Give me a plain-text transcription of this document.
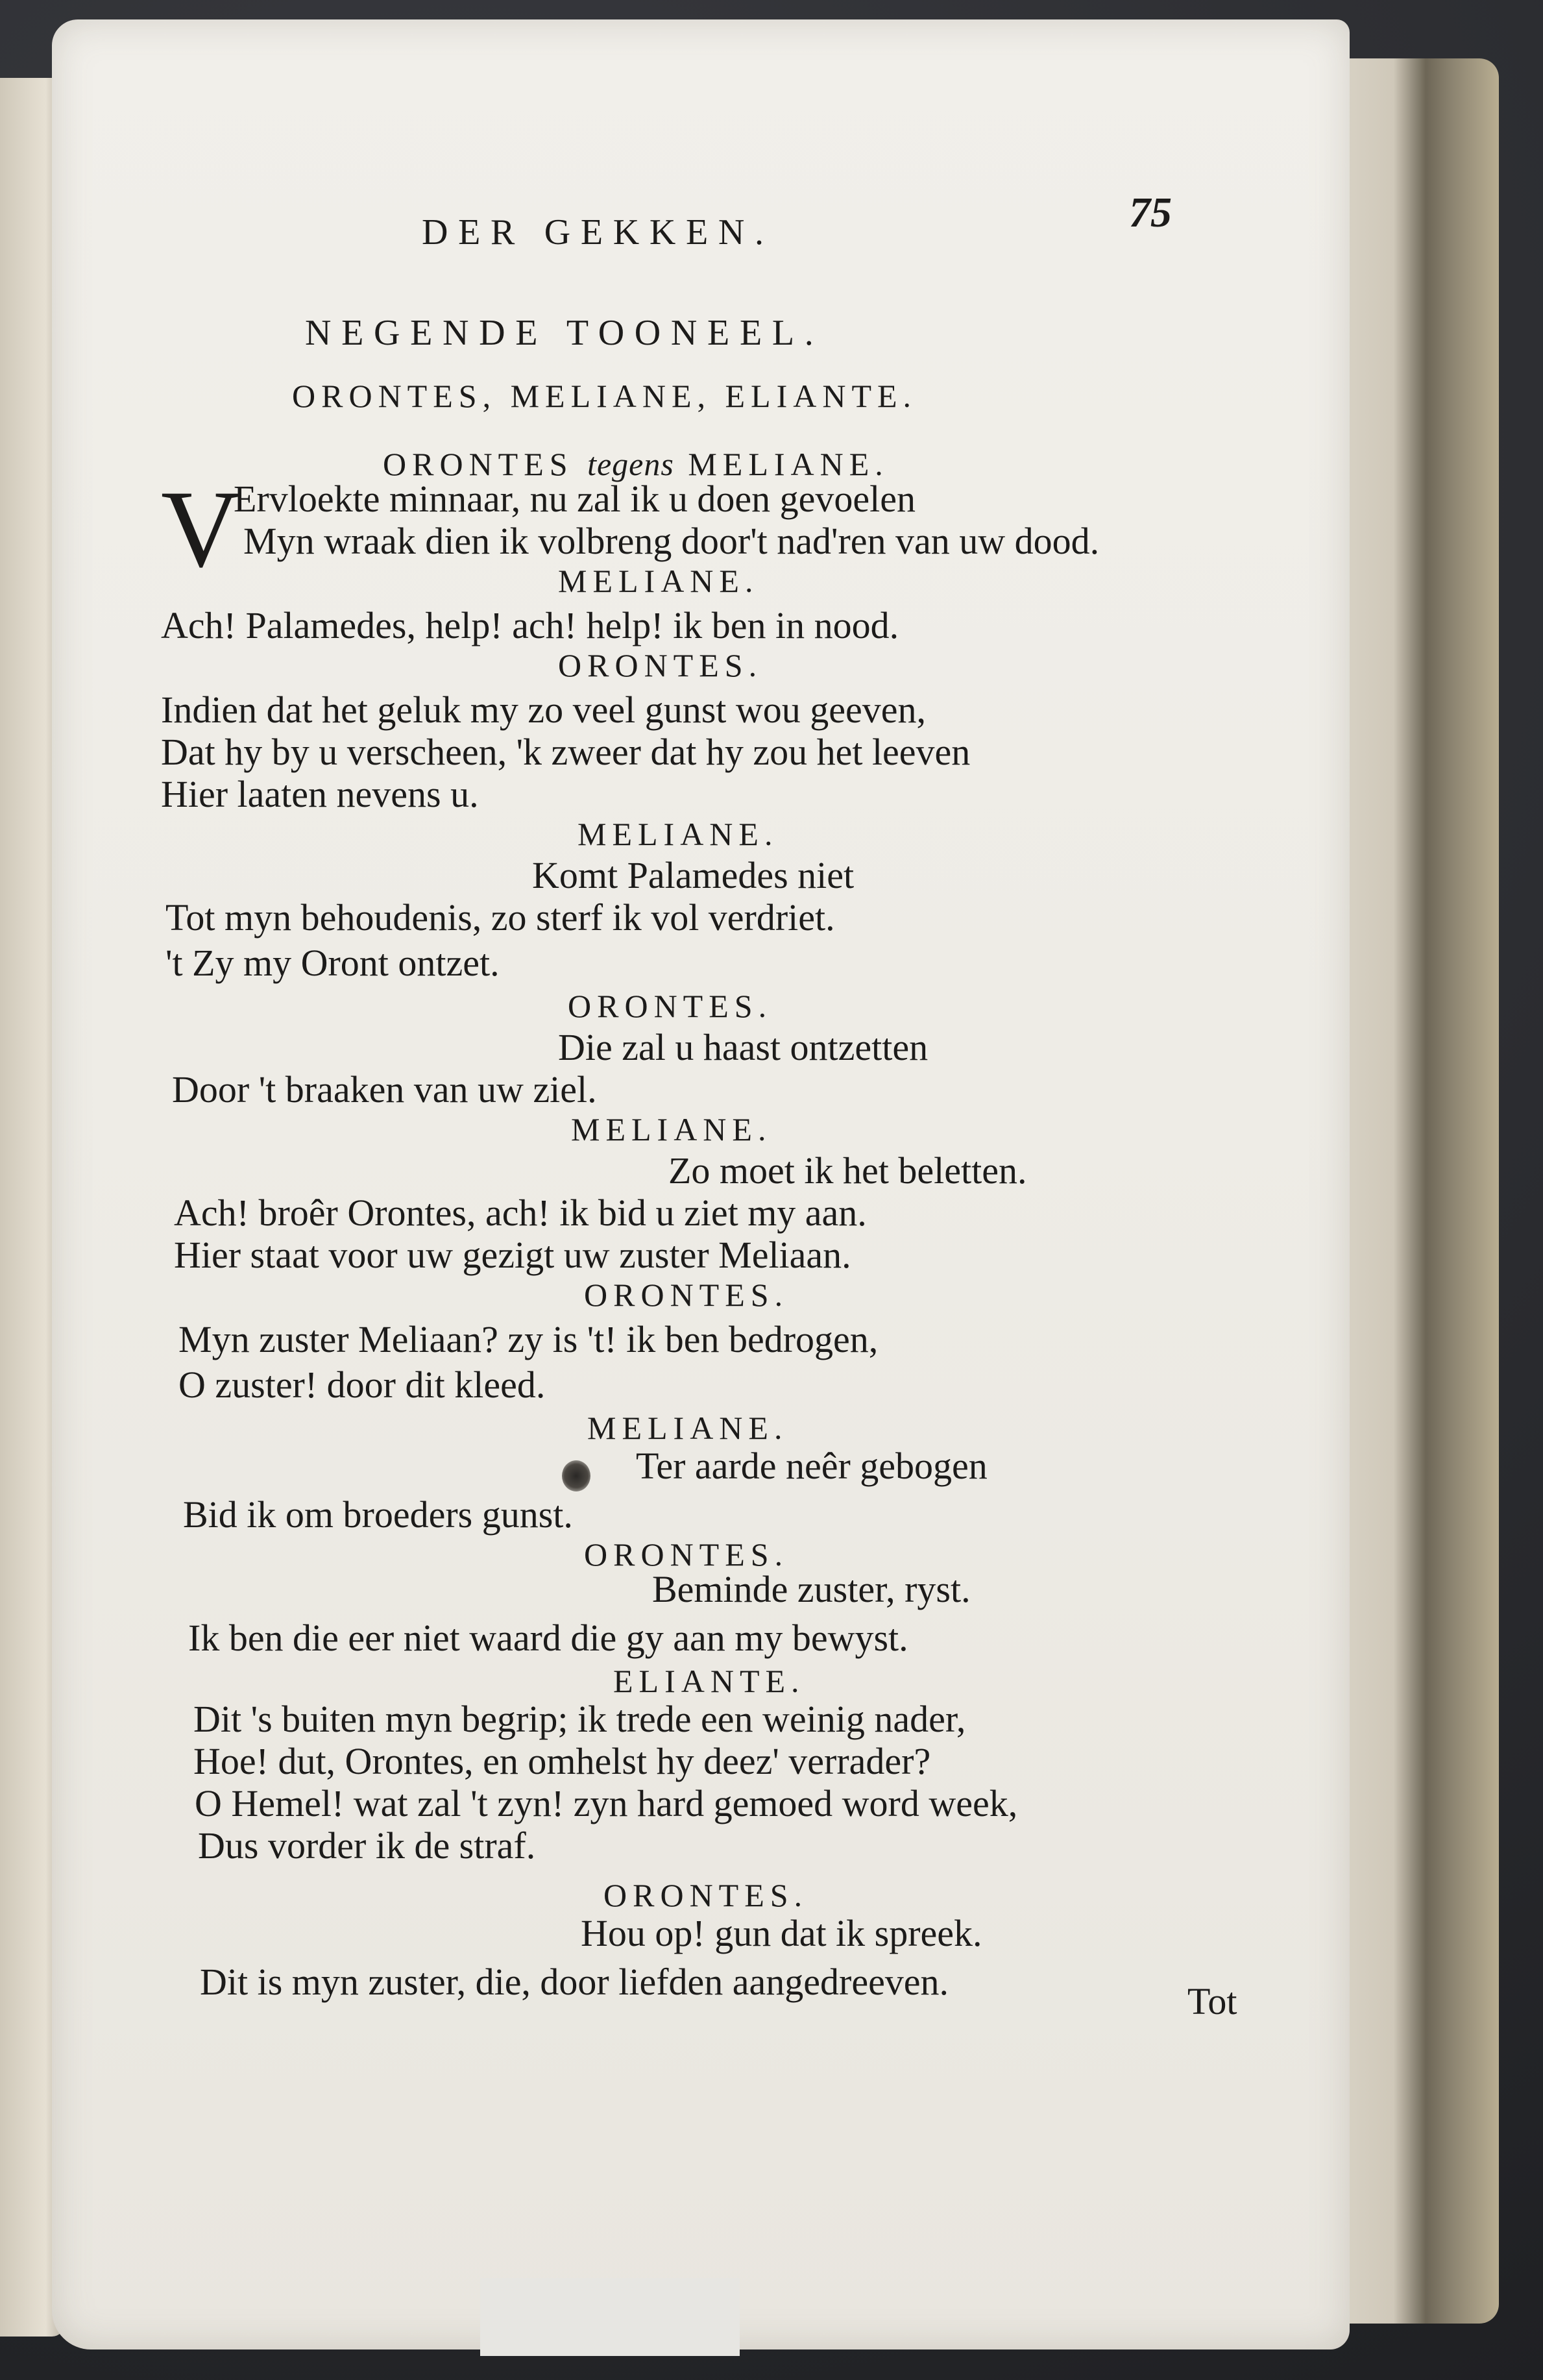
DER GEKKEN.	75
NEGENDE TOONEEL.
ORONTES, MELIANE, ELIANTE.
ORONTES tegens MELIANE.
V
Ervloekte minnaar, nu zal ik u doen gevoelen
Myn wraak dien ik volbreng door't nad'ren van uw dood.
MELIANE.
Ach! Palamedes, help! ach! help! ik ben in nood.
ORONTES.
Indien dat het geluk my zo veel gunst wou geeven,
Dat hy by u verscheen, 'k zweer dat hy zou het leeven
Hier laaten nevens u.
MELIANE.
Komt Palamedes niet
Tot myn behoudenis, zo sterf ik vol verdriet.
't Zy my Oront ontzet.
ORONTES.
Die zal u haast ontzetten
Door 't braaken van uw ziel.
MELIANE.
Zo moet ik het beletten.
Ach! broêr Orontes, ach! ik bid u ziet my aan.
Hier staat voor uw gezigt uw zuster Meliaan.
ORONTES.
Myn zuster Meliaan? zy is 't! ik ben bedrogen,
O zuster! door dit kleed.
MELIANE.
Ter aarde neêr gebogen
Bid ik om broeders gunst.
ORONTES.
Beminde zuster, ryst.
Ik ben die eer niet waard die gy aan my bewyst.
ELIANTE.
Dit 's buiten myn begrip; ik trede een weinig nader,
Hoe! dut, Orontes, en omhelst hy deez' verrader?
O Hemel! wat zal 't zyn! zyn hard gemoed word week,
Dus vorder ik de straf.
ORONTES.
Hou op! gun dat ik spreek.
Dit is myn zuster, die, door liefden aangedreeven.	Tot
